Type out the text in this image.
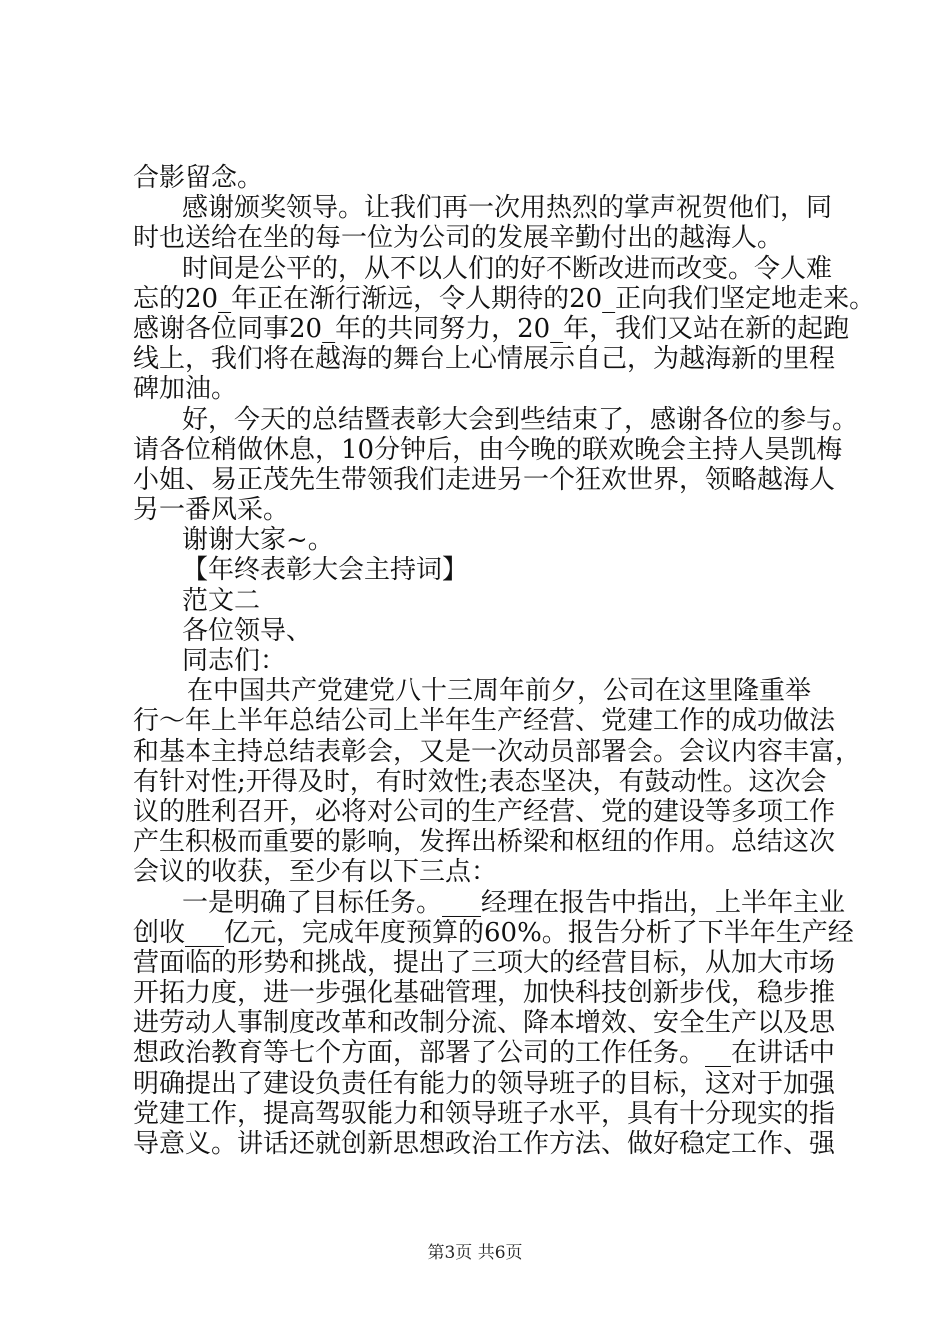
合影留念。
感谢颁奖领导。让我们再一次用热烈的掌声祝贺他们，同
时也送给在坐的每一位为公司的发展辛勤付出的越海人。
时间是公平的，从不以人们的好不断改进而改变。令人难
忘的20_年正在渐行渐远，令人期待的20_正向我们坚定地走来。
感谢各位同事20_年的共同努力，20_年，我们又站在新的起跑
线上，我们将在越海的舞台上心情展示自己，为越海新的里程
碑加油。
好，今天的总结暨表彰大会到些结束了，感谢各位的参与。
请各位稍做休息，10分钟后，由今晚的联欢晚会主持人昊凯梅
小姐、易正茂先生带领我们走进另一个狂欢世界，领略越海人
另一番风采。
谢谢大家~。
【年终表彰大会主持词】
范文二
各位领导、
同志们：
在中国共产党建党八十三周年前夕，公司在这里隆重举
行～年上半年总结公司上半年生产经营、党建工作的成功做法
和基本主持总结表彰会，又是一次动员部署会。会议内容丰富，
有针对性;开得及时，有时效性;表态坚决，有鼓动性。这次会
议的胜利召开，必将对公司的生产经营、党的建设等多项工作
产生积极而重要的影响，发挥出桥梁和枢纽的作用。总结这次
会议的收获，至少有以下三点：
一是明确了目标任务。___经理在报告中指出，上半年主业
创收___亿元，完成年度预算的60%。报告分析了下半年生产经
营面临的形势和挑战，提出了三项大的经营目标，从加大市场
开拓力度，进一步强化基础管理，加快科技创新步伐，稳步推
进劳动人事制度改革和改制分流、降本增效、安全生产以及思
想政治教育等七个方面，部署了公司的工作任务。__在讲话中
明确提出了建设负责任有能力的领导班子的目标，这对于加强
党建工作，提高驾驭能力和领导班子水平，具有十分现实的指
导意义。讲话还就创新思想政治工作方法、做好稳定工作、强
第3页 共6页
